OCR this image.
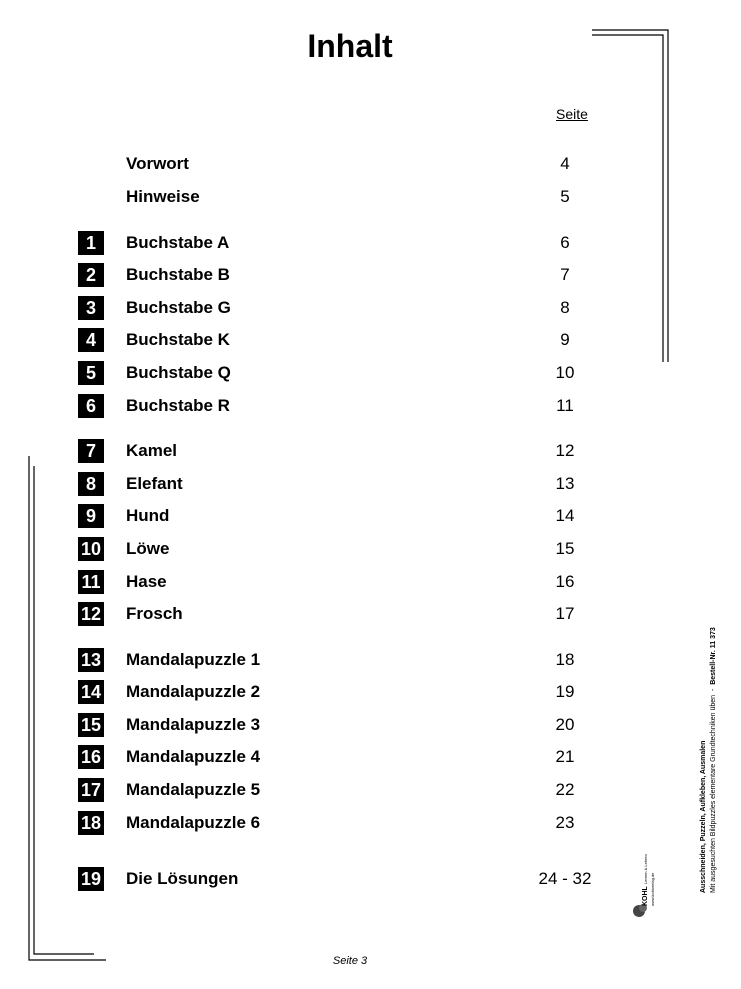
Inhalt
Seite
Vorwort	4
Hinweise	5
1	Buchstabe A	6
2	Buchstabe B	7
3	Buchstabe G	8
4	Buchstabe K	9
5	Buchstabe Q	10
6	Buchstabe R	11
7	Kamel	12
8	Elefant	13
9	Hund	14
10 Löwe	15
11 Hase	16
12 Frosch	17
13 Mandalapuzzle 1	18
14 Mandalapuzzle 2	19
15 Mandalapuzzle 3	20
16 Mandalapuzzle 4	21
17 Mandalapuzzle 5	22
18 Mandalapuzzle 6	23
19 Die Lösungen	24 - 32	Ausschneiden, Puzzeln, Aufkleben, Ausmalen Mit ausgesuchten Bildpuzzles elementare Grundtechniken üben  -  Bestell-Nr. 11 373
KOHL
Lernen & Lehren
www.kohlverlag.de
Seite 3
